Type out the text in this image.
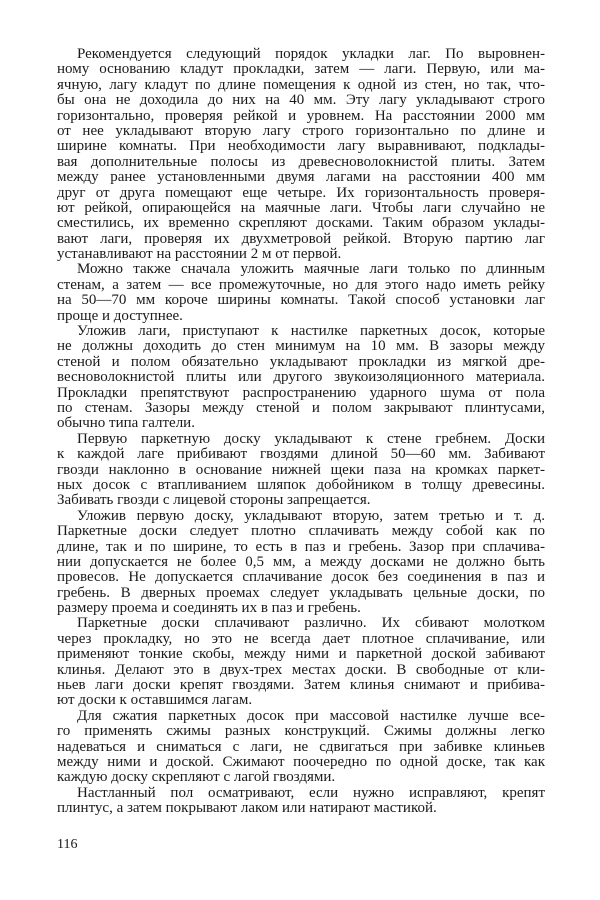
Рекомендуется следующий порядок укладки лаг. По выровнен-
ному основанию кладут прокладки, затем — лаги. Первую, или ма-
ячную, лагу кладут по длине помещения к одной из стен, но так, что-
бы она не доходила до них на 40 мм. Эту лагу укладывают строго
горизонтально, проверяя рейкой и уровнем. На расстоянии 2000 мм
от нее укладывают вторую лагу строго горизонтально по длине и
ширине комнаты. При необходимости лагу выравнивают, подклады-
вая дополнительные полосы из древесноволокнистой плиты. Затем
между ранее установленными двумя лагами на расстоянии 400 мм
друг от друга помещают еще четыре. Их горизонтальность проверя-
ют рейкой, опирающейся на маячные лаги. Чтобы лаги случайно не
сместились, их временно скрепляют досками. Таким образом уклады-
вают лаги, проверяя их двухметровой рейкой. Вторую партию лаг
устанавливают на расстоянии 2 м от первой.
Можно также сначала уложить маячные лаги только по длинным
стенам, а затем — все промежуточные, но для этого надо иметь рейку
на 50—70 мм короче ширины комнаты. Такой способ установки лаг
проще и доступнее.
Уложив лаги, приступают к настилке паркетных досок, которые
не должны доходить до стен минимум на 10 мм. В зазоры между
стеной и полом обязательно укладывают прокладки из мягкой дре-
весноволокнистой плиты или другого звукоизоляционного материала.
Прокладки препятствуют распространению ударного шума от пола
по стенам. Зазоры между стеной и полом закрывают плинтусами,
обычно типа галтели.
Первую паркетную доску укладывают к стене гребнем. Доски
к каждой лаге прибивают гвоздями длиной 50—60 мм. Забивают
гвозди наклонно в основание нижней щеки паза на кромках паркет-
ных досок с втапливанием шляпок добойником в толщу древесины.
Забивать гвозди с лицевой стороны запрещается.
Уложив первую доску, укладывают вторую, затем третью и т. д.
Паркетные доски следует плотно сплачивать между собой как по
длине, так и по ширине, то есть в паз и гребень. Зазор при сплачива-
нии допускается не более 0,5 мм, а между досками не должно быть
провесов. Не допускается сплачивание досок без соединения в паз и
гребень. В дверных проемах следует укладывать цельные доски, по
размеру проема и соединять их в паз и гребень.
Паркетные доски сплачивают различно. Их сбивают молотком
через прокладку, но это не всегда дает плотное сплачивание, или
применяют тонкие скобы, между ними и паркетной доской забивают
клинья. Делают это в двух-трех местах доски. В свободные от кли-
ньев лаги доски крепят гвоздями. Затем клинья снимают и прибива-
ют доски к оставшимся лагам.
Для сжатия паркетных досок при массовой настилке лучше все-
го применять сжимы разных конструкций. Сжимы должны легко
надеваться и сниматься с лаги, не сдвигаться при забивке клиньев
между ними и доской. Сжимают поочередно по одной доске, так как
каждую доску скрепляют с лагой гвоздями.
Настланный пол осматривают, если нужно исправляют, крепят
плинтус, а затем покрывают лаком или натирают мастикой.
116
